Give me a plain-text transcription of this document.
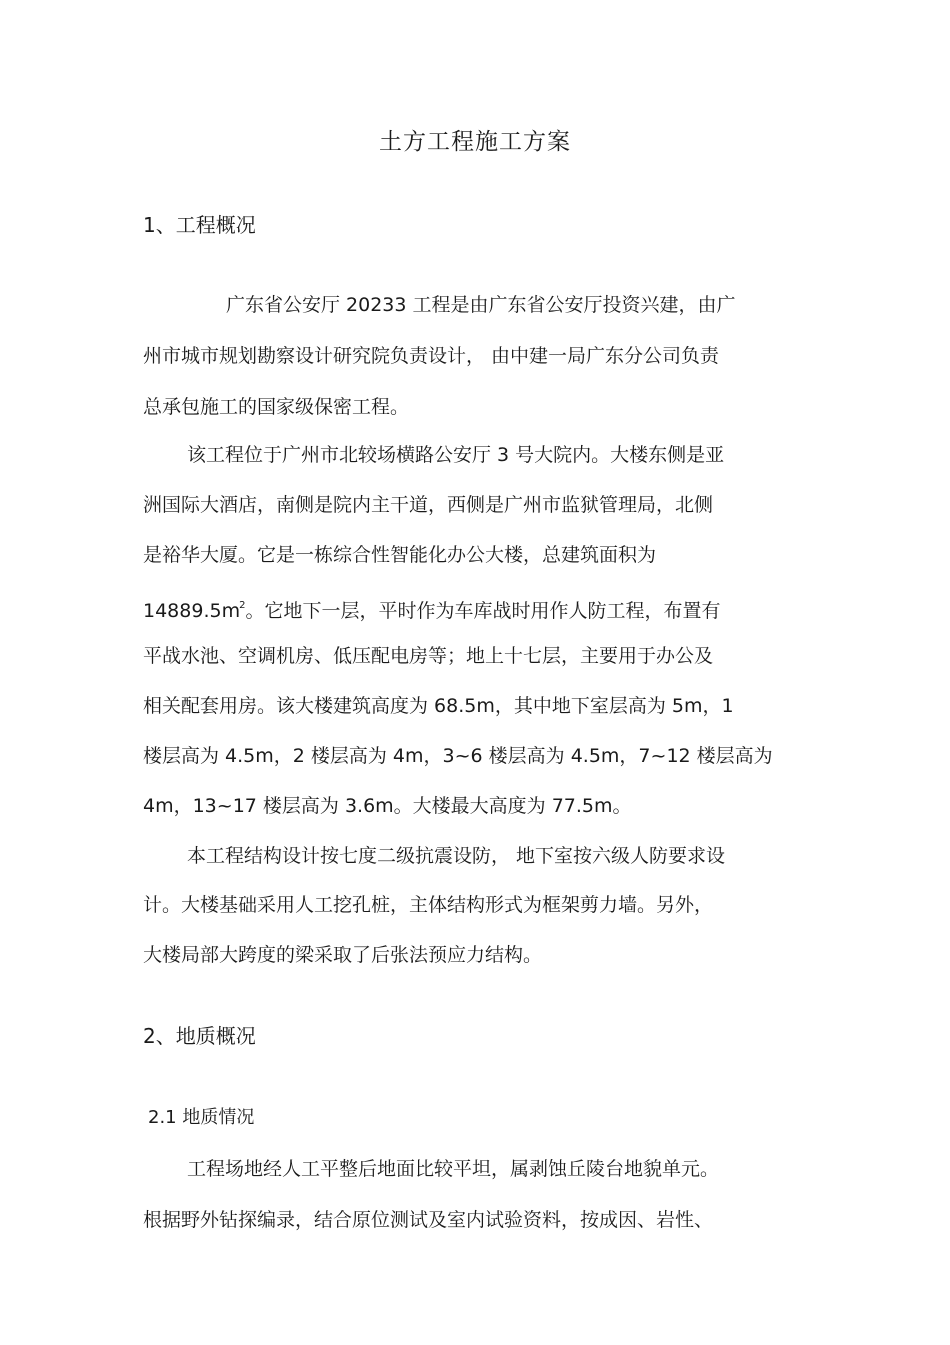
土方工程施工方案
1、工程概况
广东省公安厅 20233 工程是由广东省公安厅投资兴建，由广
州市城市规划勘察设计研究院负责设计， 由中建一局广东分公司负责
总承包施工的国家级保密工程。
该工程位于广州市北较场横路公安厅 3 号大院内。大楼东侧是亚
洲国际大酒店，南侧是院内主干道，西侧是广州市监狱管理局，北侧
是裕华大厦。它是一栋综合性智能化办公大楼，总建筑面积为
$14889.5m^2$。它地下一层，平时作为车库战时用作人防工程，布置有
平战水池、空调机房、低压配电房等；地上十七层，主要用于办公及
相关配套用房。该大楼建筑高度为 68.5m，其中地下室层高为 5m，1
楼层高为 4.5m，2 楼层高为 4m，3~6 楼层高为 4.5m，7~12 楼层高为
4m，13~17 楼层高为 3.6m。大楼最大高度为 77.5m。
本工程结构设计按七度二级抗震设防， 地下室按六级人防要求设
计。大楼基础采用人工挖孔桩，主体结构形式为框架剪力墙。另外，
大楼局部大跨度的梁采取了后张法预应力结构。
2、地质概况
2.1 地质情况
工程场地经人工平整后地面比较平坦，属剥蚀丘陵台地貌单元。
根据野外钻探编录，结合原位测试及室内试验资料，按成因、岩性、
